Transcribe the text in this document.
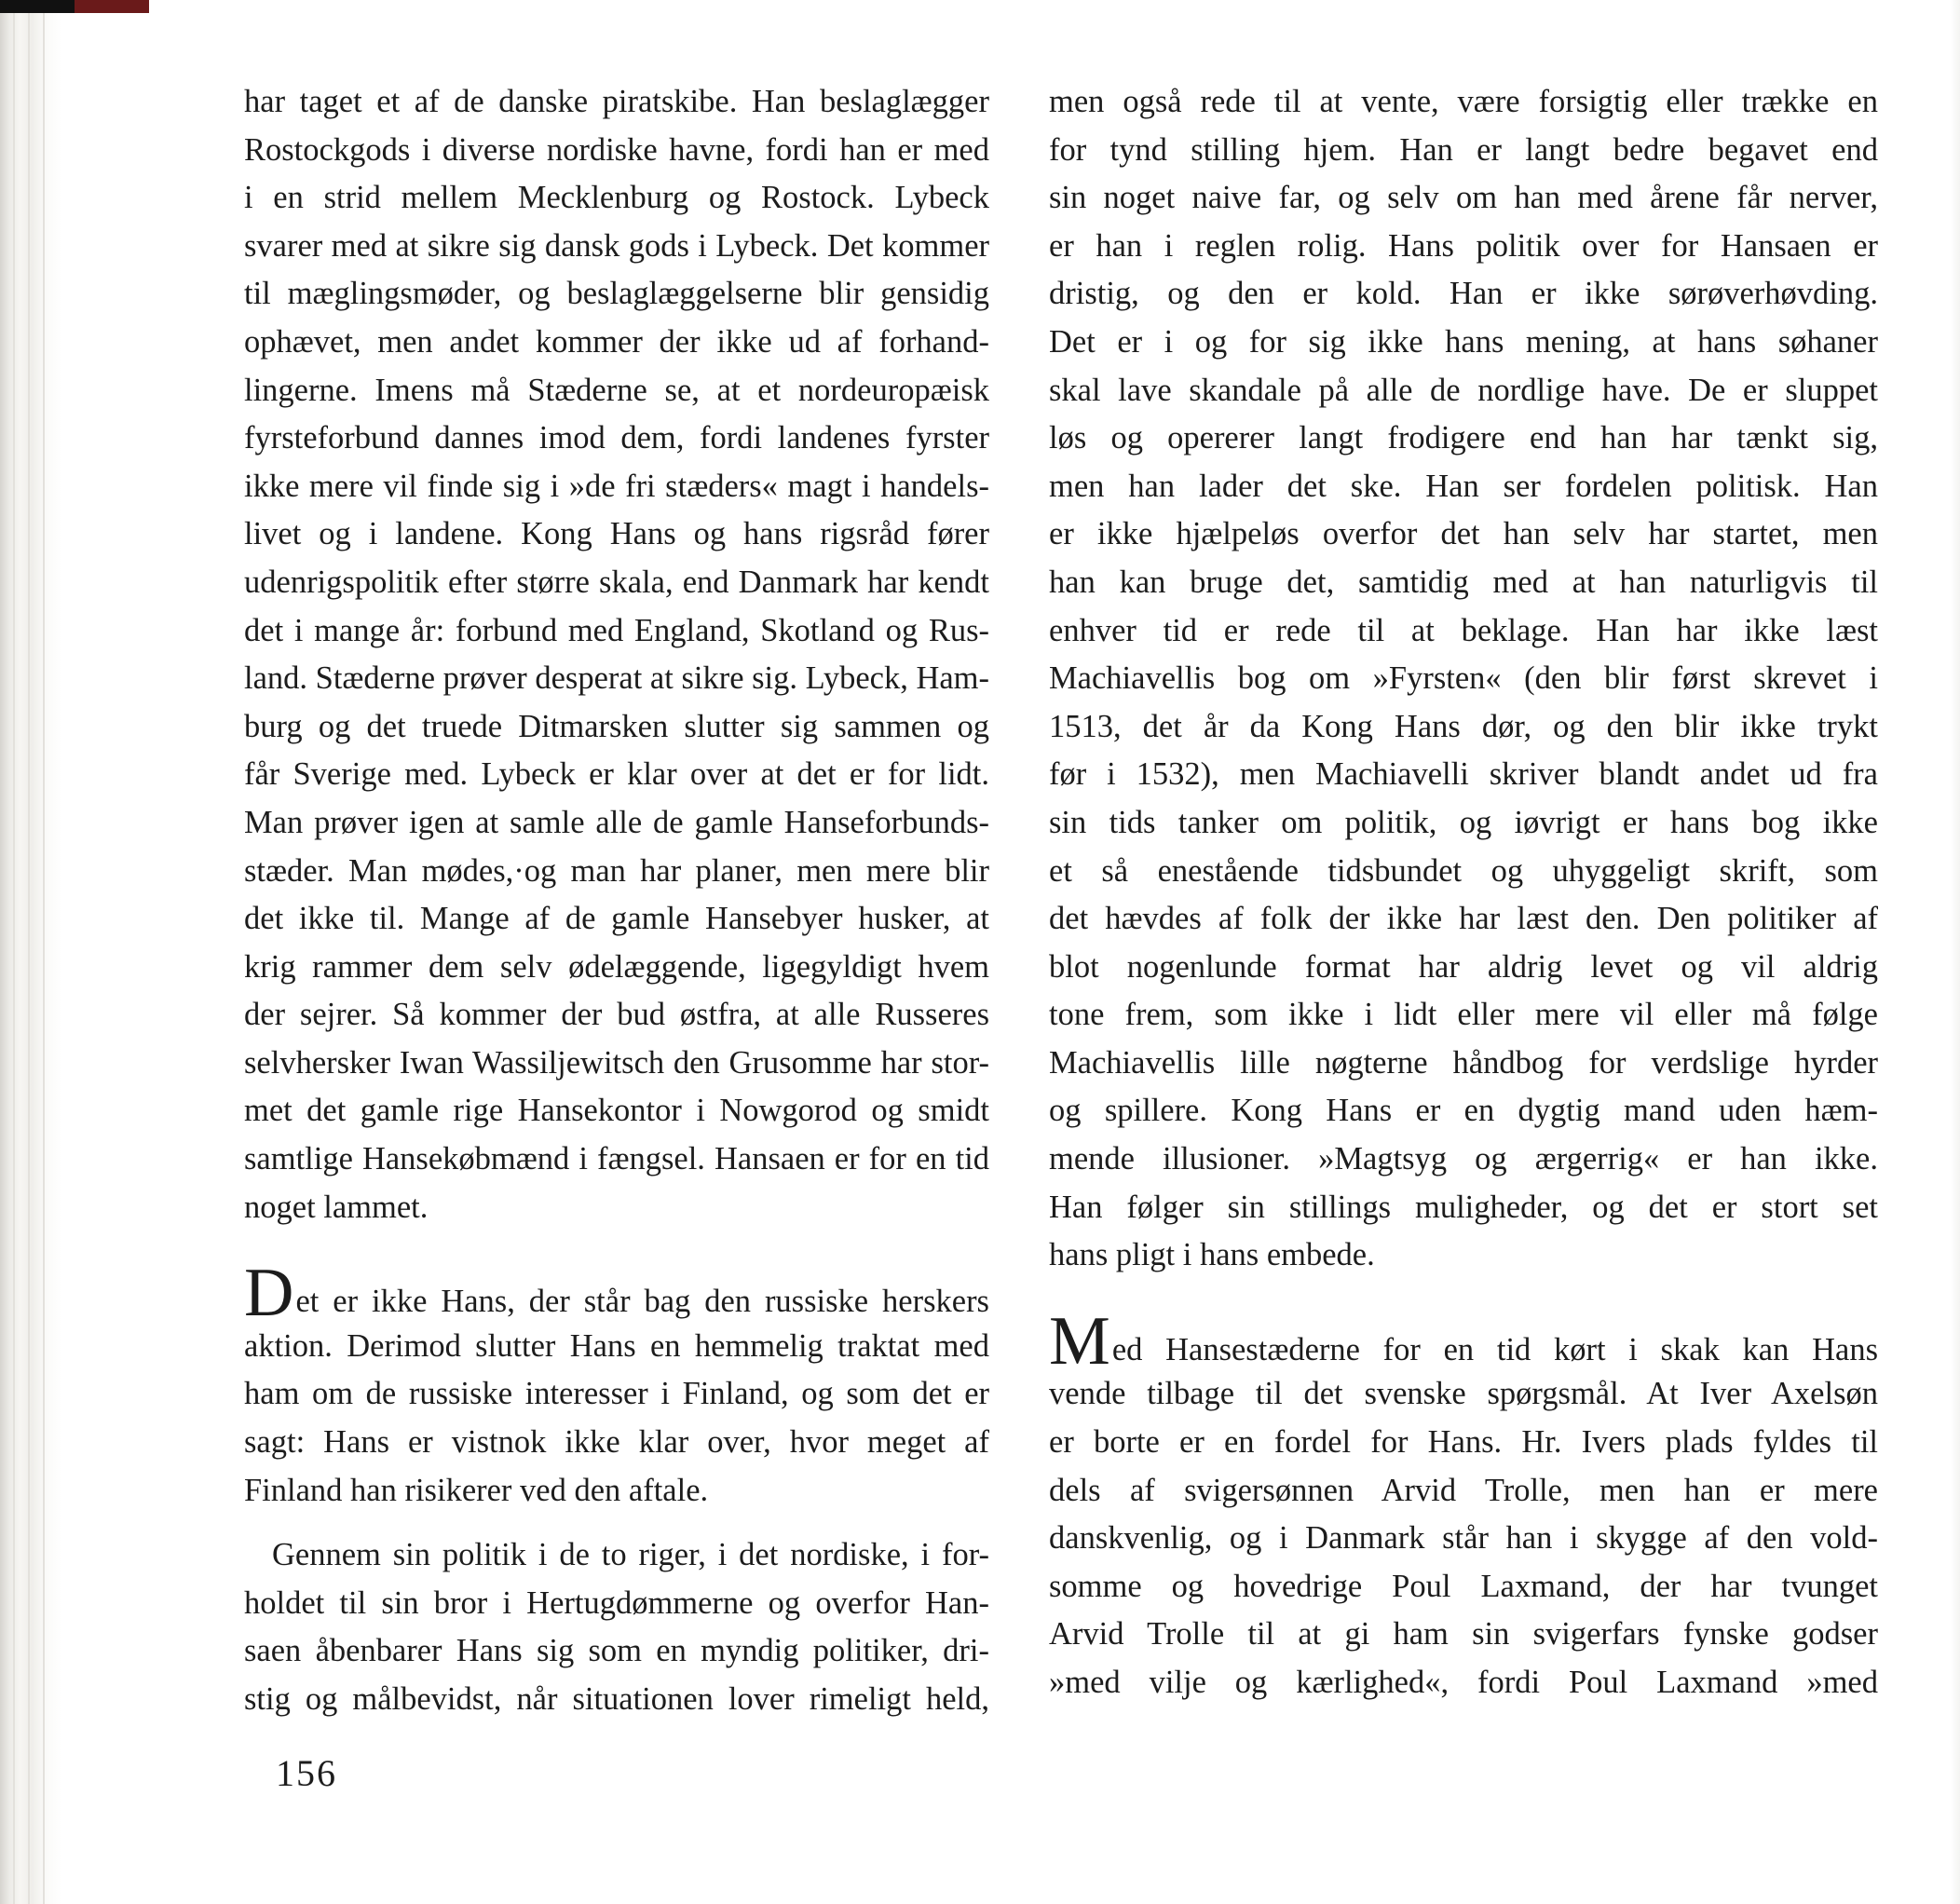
har taget et af de danske piratskibe. Han beslaglægger
Rostockgods i diverse nordiske havne, fordi han er med
i en strid mellem Mecklenburg og Rostock. Lybeck
svarer med at sikre sig dansk gods i Lybeck. Det kommer
til mæglingsmøder, og beslaglæggelserne blir gensidig
ophævet, men andet kommer der ikke ud af forhand-
lingerne. Imens må Stæderne se, at et nordeuropæisk
fyrsteforbund dannes imod dem, fordi landenes fyrster
ikke mere vil finde sig i »de fri stæders« magt i handels-
livet og i landene. Kong Hans og hans rigsråd fører
udenrigspolitik efter større skala, end Danmark har kendt
det i mange år: forbund med England, Skotland og Rus-
land. Stæderne prøver desperat at sikre sig. Lybeck, Ham-
burg og det truede Ditmarsken slutter sig sammen og
får Sverige med. Lybeck er klar over at det er for lidt.
Man prøver igen at samle alle de gamle Hanseforbunds-
stæder. Man mødes,·og man har planer, men mere blir
det ikke til. Mange af de gamle Hansebyer husker, at
krig rammer dem selv ødelæggende, ligegyldigt hvem
der sejrer. Så kommer der bud østfra, at alle Russeres
selvhersker Iwan Wassiljewitsch den Grusomme har stor-
met det gamle rige Hansekontor i Nowgorod og smidt
samtlige Hansekøbmænd i fængsel. Hansaen er for en tid
noget lammet.
Det er ikke Hans, der står bag den russiske herskers
aktion. Derimod slutter Hans en hemmelig traktat med
ham om de russiske interesser i Finland, og som det er
sagt: Hans er vistnok ikke klar over, hvor meget af
Finland han risikerer ved den aftale.
Gennem sin politik i de to riger, i det nordiske, i for-
holdet til sin bror i Hertugdømmerne og overfor Han-
saen åbenbarer Hans sig som en myndig politiker, dri-
stig og målbevidst, når situationen lover rimeligt held,
men også rede til at vente, være forsigtig eller trække en
for tynd stilling hjem. Han er langt bedre begavet end
sin noget naive far, og selv om han med årene får nerver,
er han i reglen rolig. Hans politik over for Hansaen er
dristig, og den er kold. Han er ikke sørøverhøvding.
Det er i og for sig ikke hans mening, at hans søhaner
skal lave skandale på alle de nordlige have. De er sluppet
løs og opererer langt frodigere end han har tænkt sig,
men han lader det ske. Han ser fordelen politisk. Han
er ikke hjælpeløs overfor det han selv har startet, men
han kan bruge det, samtidig med at han naturligvis til
enhver tid er rede til at beklage. Han har ikke læst
Machiavellis bog om »Fyrsten« (den blir først skrevet i
1513, det år da Kong Hans dør, og den blir ikke trykt
før i 1532), men Machiavelli skriver blandt andet ud fra
sin tids tanker om politik, og iøvrigt er hans bog ikke
et så enestående tidsbundet og uhyggeligt skrift, som
det hævdes af folk der ikke har læst den. Den politiker af
blot nogenlunde format har aldrig levet og vil aldrig
tone frem, som ikke i lidt eller mere vil eller må følge
Machiavellis lille nøgterne håndbog for verdslige hyrder
og spillere. Kong Hans er en dygtig mand uden hæm-
mende illusioner. »Magtsyg og ærgerrig« er han ikke.
Han følger sin stillings muligheder, og det er stort set
hans pligt i hans embede.
Med Hansestæderne for en tid kørt i skak kan Hans
vende tilbage til det svenske spørgsmål. At Iver Axelsøn
er borte er en fordel for Hans. Hr. Ivers plads fyldes til
dels af svigersønnen Arvid Trolle, men han er mere
danskvenlig, og i Danmark står han i skygge af den vold-
somme og hovedrige Poul Laxmand, der har tvunget
Arvid Trolle til at gi ham sin svigerfars fynske godser
»med vilje og kærlighed«, fordi Poul Laxmand »med
156
